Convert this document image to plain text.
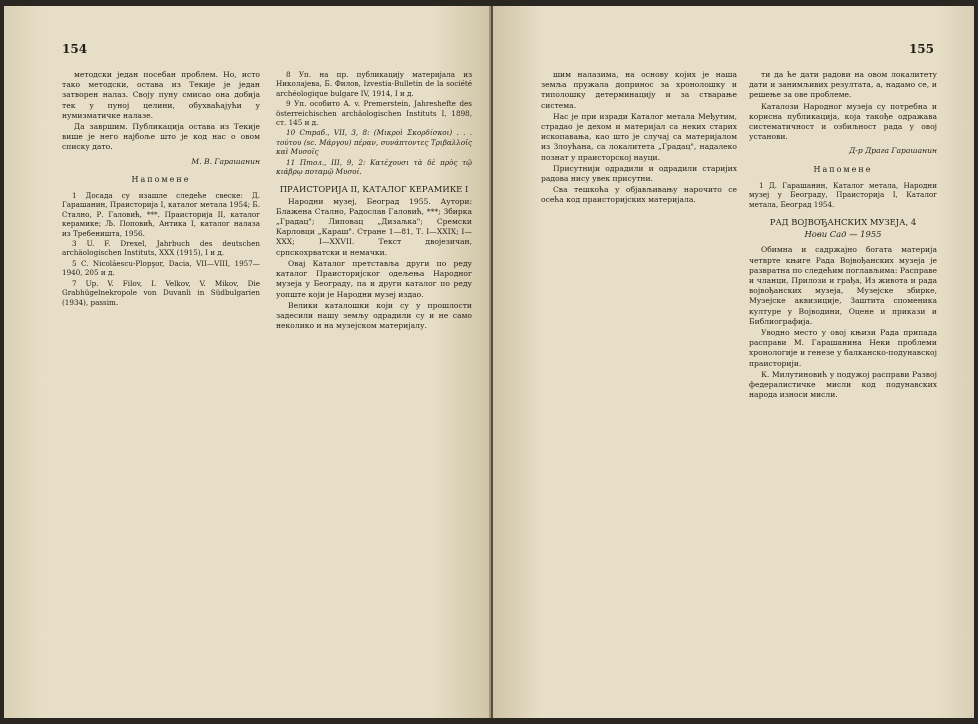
154

методски један посебан проблем. Но, исто тако методски, остава из Текије је један затворен налаз. Своју пуну смисао она добија тек у пуној целини, обухваћајући у нумизматичке налазе.

Да завршим. Публикација остава из Текије више је него најбоље што је код нас о овом списку дато.

М. В. Гарашанин
Напомене

1 Досада су изашле следеће свеске: Д. Гарашанин, Праисторија I, каталог метала 1954; Б. Стално, Р. Галовић, ***. Праисторија II, каталог керамике; Љ. Поповић, Антика I, каталог налаза из Требеништа, 1956.

3 U. F. Drexel, Jahrbuch des deutschen archäologischen Instituts, XXX (1915), I и д.

5 C. Nicolăescu-Plopşor, Dacia, VII—VIII, 1957—1940, 205 и д.

7 Up. V. Filov, I. Velkov, V. Mikov, Die Grabhügelnekropole von Duvanli in Südbulgarien (1934), passim.

8 Уп. на пр. публикацију материјала из Николајева, Б. Филов, Izvestia-Bulletin de la société archéologique bulgare IV, 1914, I и д.

9 Уп. особито A. v. Premerstein, Jahreshefte des österreichischen archäologischen Instituts I, 1898, ст. 145 и д.

10 Страб., VII, 3, 8: (Μικροὶ Σκορδίσκοι) . . . τούτου (sc. Μάργου) πέραν, συνάπτοντες Τριβαλλοῖς καὶ Μυσοῖς

11 Птол., III, 9, 2: Κατέχουσι τὰ δὲ πρὸς τῷ κιάβρῳ ποταμῷ Μυσοί.

ПРАИСТОРИЈА II, КАТАЛОГ КЕРАМИКЕ I

Народни музеј, Београд 1955. Аутори: Блажена Стално, Радослав Галовић, ***; Збирка „Градац"; Липовац „Дизаљка"; Сремски Карловци „Караш". Стране 1—81, Т. I—XXIX; I—XXX; I—XXVII. Текст двојезичан, српскохрватски и немачки.

Овај Каталог претставља други по реду каталог Праисторијског одељења Народног музеја у Београду, па и други каталог по реду уопште који је Народни музеј издао.

Велики каталошки који су у прошлости задесили нашу земљу одрадили су и не само неколико и на музејском материјалу.

155

шим налазима, на основу којих је наша земља пружала допринос за хронолошку и типолошку детерминацију и за стварање система.

Нас је при изради Каталог метала Међутим, страдао је дехом и материјал са неких старих ископавања, као што је случај са материјалом из Злоућана, са локалитета „Градац", надалеко познат у праисторској науци.

Присутнији одрадили и одрадили старијих радова нису увек присутни.

Сва тешкоћа у објављивању нарочито се осећа код праисторијских материјала.

ти да ће дати радови на овом локалитету дати и занимљивих резултата, а, надамо се, и решење за ове проблеме.

Каталози Народног музеја су потребна и корисна публикација, која такође одражава систематичност и озбиљност рада у овој установи.

Д-р Драга Гарашанин
Напомене

1 Д. Гарашанин, Каталог метала, Народни музеј у Београду, Праисторија I, Каталог метала, Београд 1954.

РАД ВОЈВОЂАНСКИХ МУЗЕЈА, 4
Нови Сад — 1955

Обимна и садржајно богата материја четврте књиге Рада Војвођанских музеја је развратна по следећим поглављима: Расправе и чланци, Прилози и грађа, Из живота и рада војвођанских музеја, Музејске збирке, Музејске аквизиције, Заштита споменика културе у Војводини, Оцене и прикази и Библиографија.

Уводно место у овој књизи Рада припада расправи М. Гарашанина Неки проблеми хронологије и генезе у балканско-подунавској праисторији.

К. Милутиновић у подужој расправи Развој федералистичке мисли код подунавских народа износи мисли.
